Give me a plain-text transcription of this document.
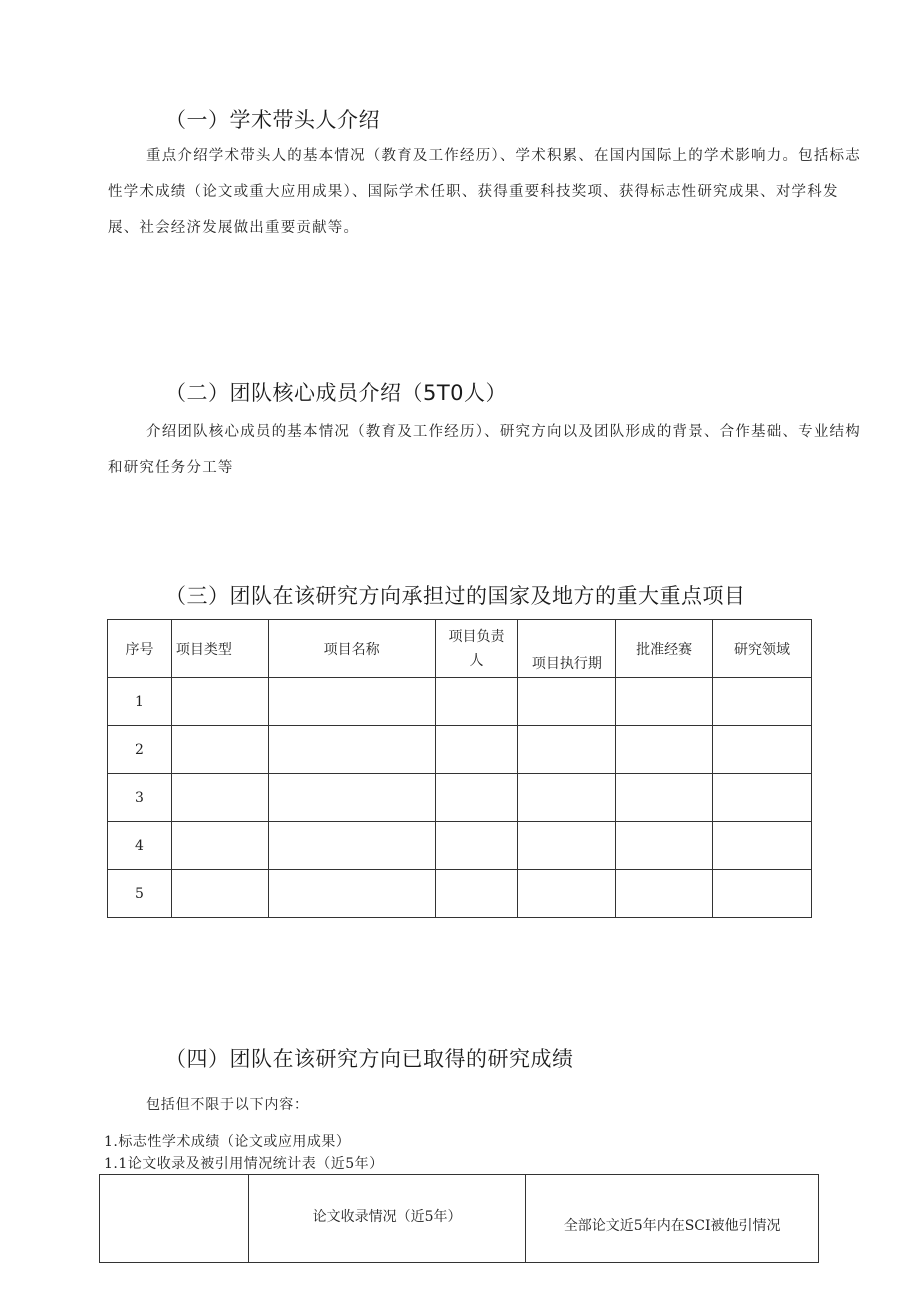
（一）学术带头人介绍
重点介绍学术带头人的基本情况（教育及工作经历）、学术积累、在国内国际上的学术影响力。包括标志性学术成绩（论文或重大应用成果）、国际学术任职、获得重要科技奖项、获得标志性研究成果、对学科发展、社会经济发展做出重要贡献等。
（二）团队核心成员介绍（5T0人）
介绍团队核心成员的基本情况（教育及工作经历）、研究方向以及团队形成的背景、合作基础、专业结构和研究任务分工等
（三）团队在该研究方向承担过的国家及地方的重大重点项目
序号	项目类型	项目名称	项目负责人	项目执行期	批准经赛	研究领域
1						
2						
3						
4						
5						
（四）团队在该研究方向已取得的研究成绩
包括但不限于以下内容：
1.标志性学术成绩（论文或应用成果）
1.1论文收录及被引用情况统计表（近5年）
	论文收录情况（近5年）	全部论文近5年内在SCI被他引情况
